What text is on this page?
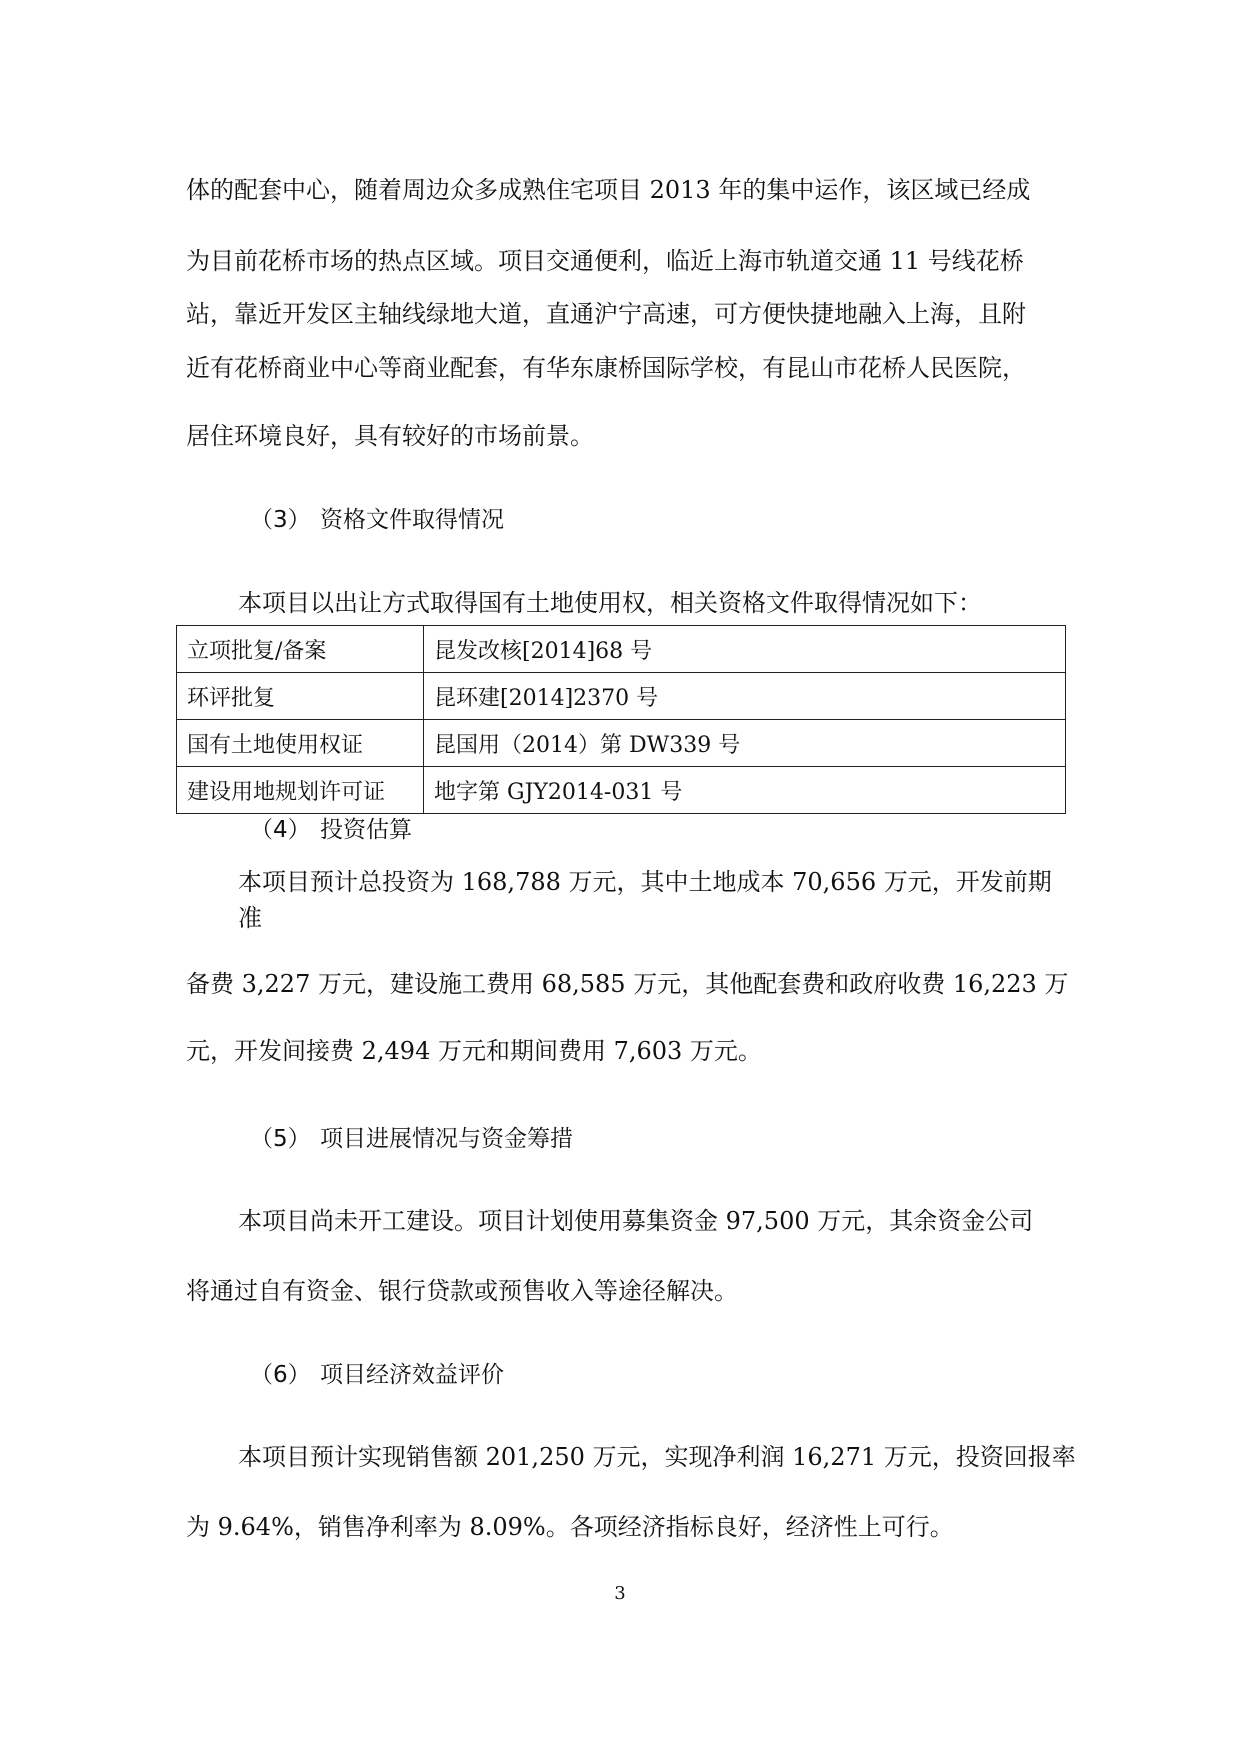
体的配套中心，随着周边众多成熟住宅项目 2013 年的集中运作，该区域已经成
为目前花桥市场的热点区域。项目交通便利，临近上海市轨道交通 11 号线花桥
站，靠近开发区主轴线绿地大道，直通沪宁高速，可方便快捷地融入上海，且附
近有花桥商业中心等商业配套，有华东康桥国际学校，有昆山市花桥人民医院，
居住环境良好，具有较好的市场前景。
（3） 资格文件取得情况
本项目以出让方式取得国有土地使用权，相关资格文件取得情况如下：
立项批复/备案	昆发改核[2014]68 号
环评批复	昆环建[2014]2370 号
国有土地使用权证	昆国用（2014）第 DW339 号
建设用地规划许可证	地字第 GJY2014-031 号
（4） 投资估算
本项目预计总投资为 168,788 万元，其中土地成本 70,656 万元，开发前期
准
备费 3,227 万元，建设施工费用 68,585 万元，其他配套费和政府收费 16,223 万
元，开发间接费 2,494 万元和期间费用 7,603 万元。
（5） 项目进展情况与资金筹措
本项目尚未开工建设。项目计划使用募集资金 97,500 万元，其余资金公司
将通过自有资金、银行贷款或预售收入等途径解决。
（6） 项目经济效益评价
本项目预计实现销售额 201,250 万元，实现净利润 16,271 万元，投资回报率
为 9.64%，销售净利率为 8.09%。各项经济指标良好，经济性上可行。
3
